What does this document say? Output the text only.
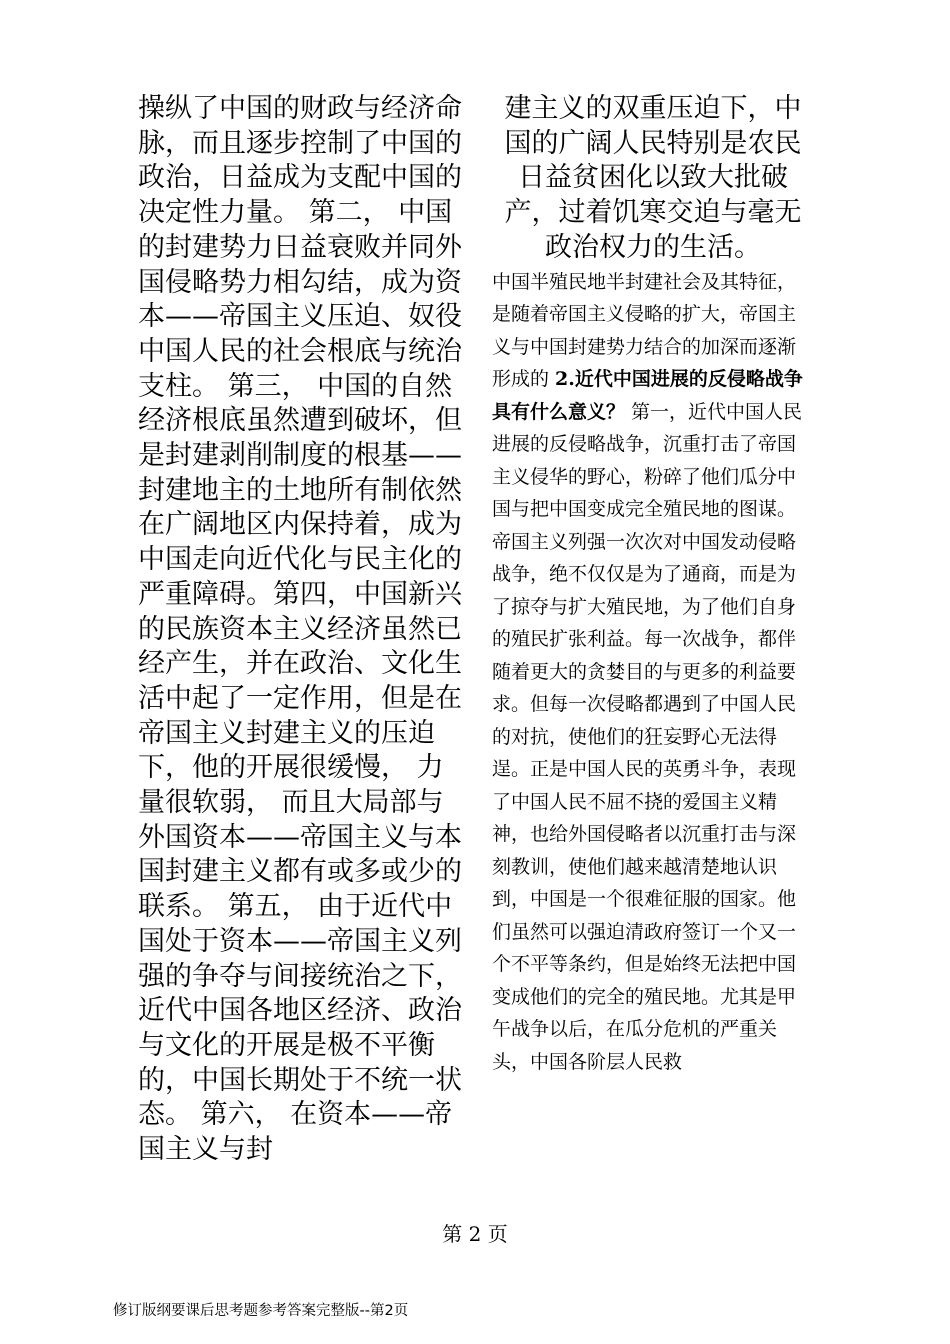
操纵了中国的财政与经济命脉，而且逐步控制了中国的政治，日益成为支配中国的决定性力量。 第二， 中国的封建势力日益衰败并同外国侵略势力相勾结，成为资本——帝国主义压迫、奴役中国人民的社会根底与统治支柱。 第三， 中国的自然经济根底虽然遭到破坏，但是封建剥削制度的根基——封建地主的土地所有制依然在广阔地区内保持着，成为中国走向近代化与民主化的严重障碍。第四，中国新兴的民族资本主义经济虽然已经产生，并在政治、文化生活中起了一定作用，但是在帝国主义封建主义的压迫下，他的开展很缓慢， 力量很软弱， 而且大局部与外国资本——帝国主义与本国封建主义都有或多或少的联系。 第五， 由于近代中国处于资本——帝国主义列强的争夺与间接统治之下，近代中国各地区经济、政治与文化的开展是极不平衡的，中国长期处于不统一状态。 第六， 在资本——帝国主义与封

建主义的双重压迫下，中国的广阔人民特别是农民日益贫困化以致大批破产，过着饥寒交迫与毫无政治权力的生活。

中国半殖民地半封建社会及其特征，是随着帝国主义侵略的扩大，帝国主义与中国封建势力结合的加深而逐渐形成的 2.近代中国进展的反侵略战争具有什么意义？ 第一，近代中国人民进展的反侵略战争，沉重打击了帝国主义侵华的野心，粉碎了他们瓜分中国与把中国变成完全殖民地的图谋。帝国主义列强一次次对中国发动侵略战争，绝不仅仅是为了通商，而是为了掠夺与扩大殖民地，为了他们自身的殖民扩张利益。每一次战争，都伴随着更大的贪婪目的与更多的利益要求。但每一次侵略都遇到了中国人民的对抗，使他们的狂妄野心无法得逞。正是中国人民的英勇斗争，表现了中国人民不屈不挠的爱国主义精神，也给外国侵略者以沉重打击与深刻教训，使他们越来越清楚地认识到，中国是一个很难征服的国家。他们虽然可以强迫清政府签订一个又一个不平等条约，但是始终无法把中国变成他们的完全的殖民地。尤其是甲午战争以后，在瓜分危机的严重关头，中国各阶层人民救

第 2 页
修订版纲要课后思考题参考答案完整版--第2页
